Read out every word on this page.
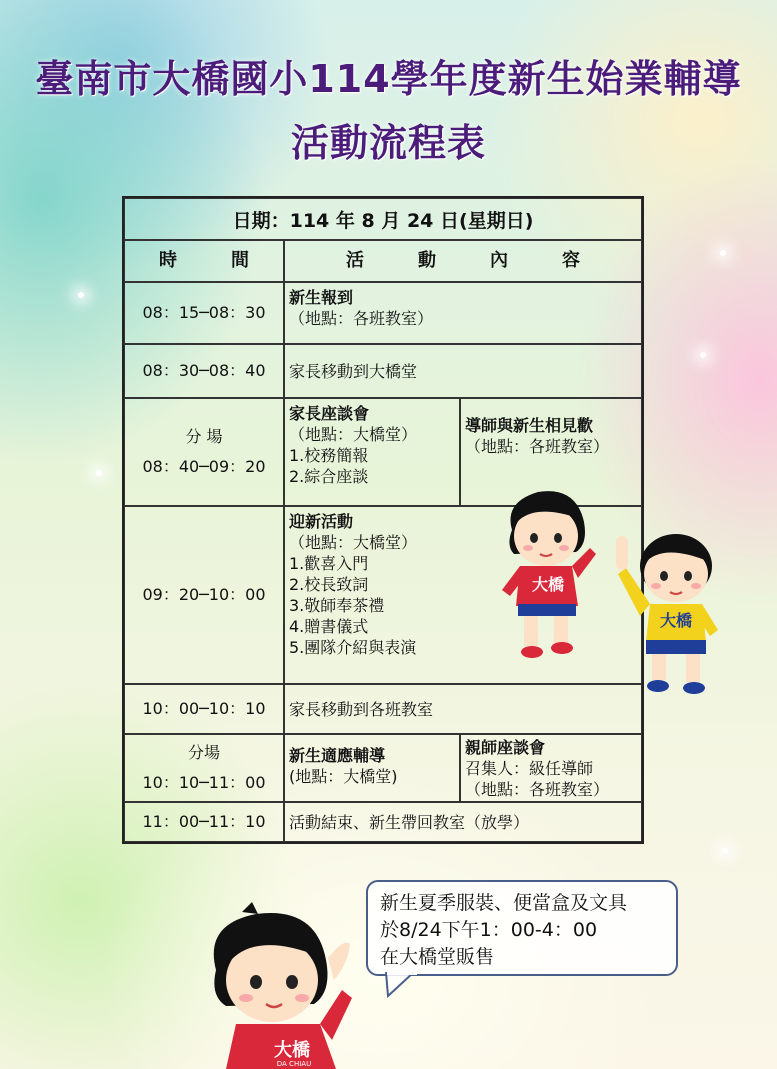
臺南市大橋國小114學年度新生始業輔導
活動流程表
日期：114 年 8 月 24 日(星期日)
時　　　間	活　　　動　　　內　　　容
08：15─08：30
新生報到
（地點：各班教室）
08：30─08：40 家長移動到大橋堂
分 場
08：40─09：20
家長座談會
（地點：大橋堂）
1.校務簡報
2.綜合座談
導師與新生相見歡
（地點：各班教室）
09：20─10：00
迎新活動
（地點：大橋堂）
1.歡喜入門
2.校長致詞
3.敬師奉茶禮
4.贈書儀式
5.團隊介紹與表演
10：00─10：10 家長移動到各班教室
分場
10：10─11：00
新生適應輔導
(地點：大橋堂)
親師座談會
召集人：級任導師
（地點：各班教室）
11：00─11：10 活動結束、新生帶回教室（放學）
大橋
大橋
新生夏季服裝、便當盒及文具
於8/24下午1：00-4：00
在大橋堂販售
大橋
DA CHIAU
